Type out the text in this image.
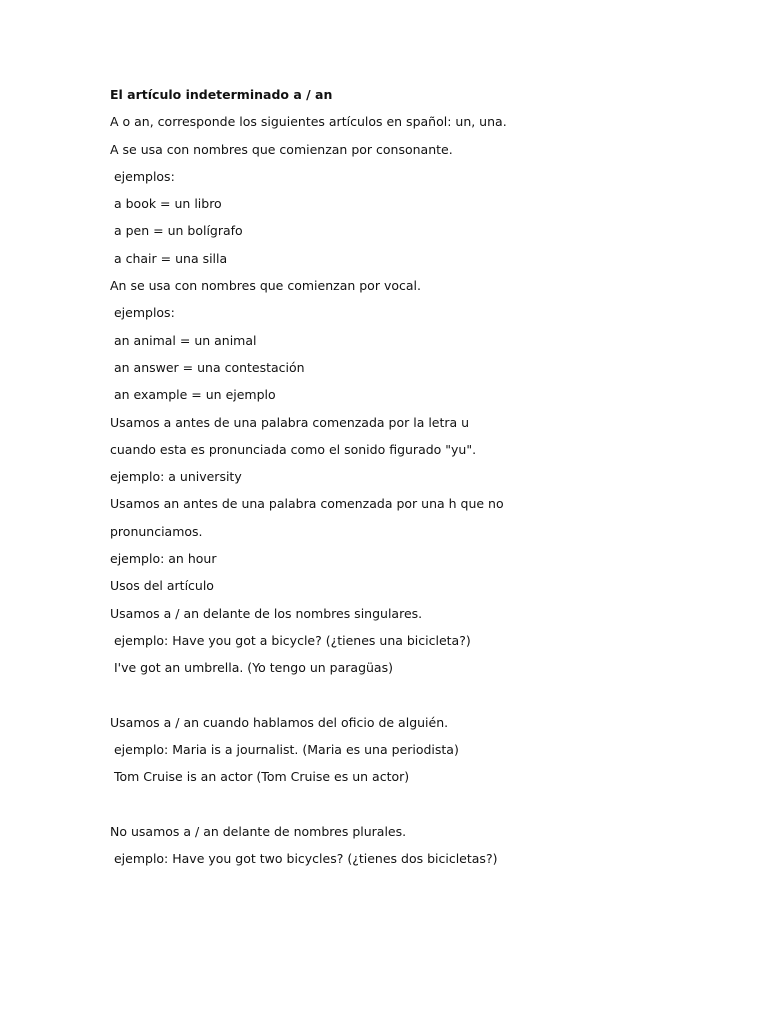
El artículo indeterminado a / an
A o an, corresponde los siguientes artículos en spañol: un, una.
A se usa con nombres que comienzan por consonante.
ejemplos:
a book = un libro
a pen = un bolígrafo
a chair = una silla
An se usa con nombres que comienzan por vocal.
ejemplos:
an animal = un animal
an answer = una contestación
an example = un ejemplo
Usamos a antes de una palabra comenzada por la letra u
cuando esta es pronunciada como el sonido figurado "yu".
ejemplo: a university
Usamos an antes de una palabra comenzada por una h que no
pronunciamos.
ejemplo: an hour
Usos del artículo
Usamos a / an delante de los nombres singulares.
ejemplo: Have you got a bicycle? (¿tienes una bicicleta?)
I've got an umbrella. (Yo tengo un paragüas)
Usamos a / an cuando hablamos del oficio de alguién.
ejemplo: Maria is a journalist. (Maria es una periodista)
Tom Cruise is an actor (Tom Cruise es un actor)
No usamos a / an delante de nombres plurales.
ejemplo: Have you got two bicycles? (¿tienes dos bicicletas?)
